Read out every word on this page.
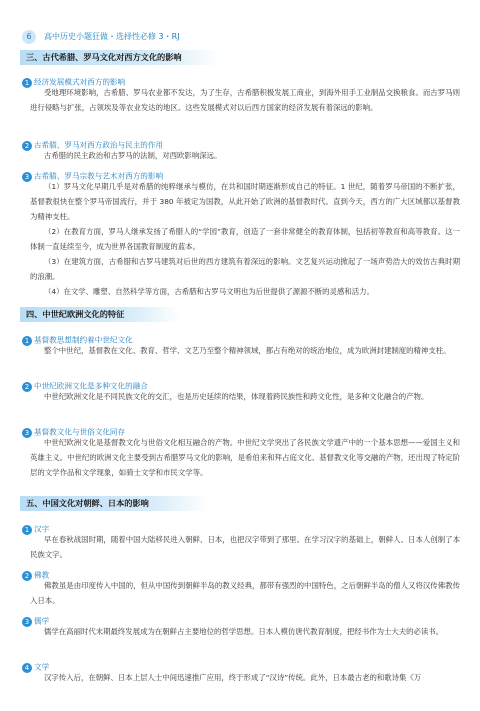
6	高中历史小题狂做・选择性必修 3・RJ
三、古代希腊、罗马文化对西方文化的影响
1 经济发展模式对西方的影响

受地理环境影响，古希腊、罗马农业都不发达，为了生存，古希腊积极发展工商业，到海外用手工业制品交换粮食。而古罗马则进行侵略与扩张，占领埃及等农业发达的地区。这些发展模式对以后西方国家的经济发展有着深远的影响。

2 古希腊、罗马对西方政治与民主的作用

古希腊的民主政治和古罗马的法制，对西欧影响深远。

3 古希腊、罗马宗教与艺术对西方的影响

（1）罗马文化早期几乎是对希腊的纯粹继承与模仿，在共和国时期逐渐形成自己的特征。1 世纪，随着罗马帝国的不断扩张，基督教很快在整个罗马帝国流行，并于 380 年被定为国教，从此开始了欧洲的基督教时代。直到今天，西方的广大区域都以基督教为精神支柱。

（2）在教育方面，罗马人继承发扬了希腊人的“学园”教育，创造了一套非常健全的教育体制，包括初等教育和高等教育。这一体制一直延续至今，成为世界各国教育制度的蓝本。

（3）在建筑方面，古希腊和古罗马建筑对后世的西方建筑有着深远的影响。文艺复兴运动掀起了一场声势浩大的效仿古典时期的浪潮。

（4）在文学、雕塑、自然科学等方面，古希腊和古罗马文明也为后世提供了源源不断的灵感和活力。

四、中世纪欧洲文化的特征
1 基督教思想制约着中世纪文化

整个中世纪，基督教在文化、教育、哲学、文艺乃至整个精神领域，都占有绝对的统治地位，成为欧洲封建制度的精神支柱。

2 中世纪欧洲文化是多种文化的融合

中世纪欧洲文化是不同民族文化的交汇，也是历史延续的结果，体现着跨民族性和跨文化性，是多种文化融合的产物。

3 基督教文化与世俗文化同存

中世纪欧洲文化是基督教文化与世俗文化相互融合的产物。中世纪文学突出了各民族文学遗产中的一个基本思想——爱国主义和英雄主义。中世纪的欧洲文化主要受到古希腊罗马文化的影响，是希伯来和拜占庭文化、基督教文化等交融的产物，还出现了特定阶层的文学作品和文学现象，如骑士文学和市民文学等。

五、中国文化对朝鲜、日本的影响
1 汉字

早在春秋战国时期，随着中国大陆移民进入朝鲜、日本，也把汉字带到了那里。在学习汉字的基础上，朝鲜人、日本人创制了本民族文字。

2 佛教

佛教虽是由印度传入中国的，但从中国传到朝鲜半岛的教义经典，都带有强烈的中国特色，之后朝鲜半岛的僧人又将汉传佛教传入日本。

3 儒学

儒学在高丽时代末期最终发展成为在朝鲜占主要地位的哲学思想。日本人模仿唐代教育制度，把经书作为士大夫的必读书。

4 文学

汉字传入后，在朝鲜、日本上层人士中间迅速推广应用，终于形成了“汉诗”传统。此外，日本最古老的和歌诗集《万
